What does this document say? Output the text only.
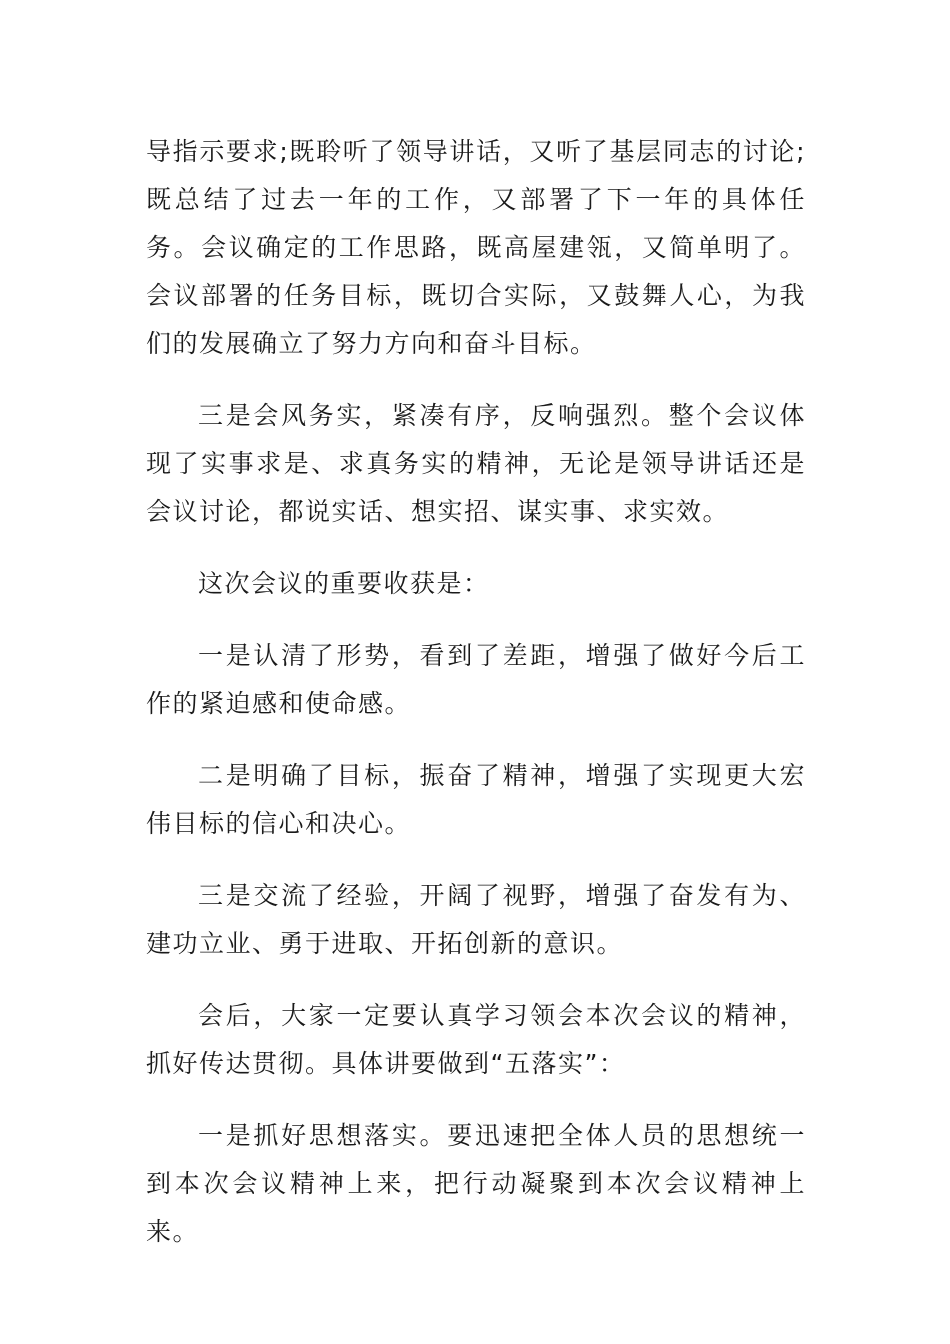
导指示要求;既聆听了领导讲话，又听了基层同志的讨论;既总结了过去一年的工作，又部署了下一年的具体任务。会议确定的工作思路，既高屋建瓴，又简单明了。会议部署的任务目标，既切合实际，又鼓舞人心，为我们的发展确立了努力方向和奋斗目标。

三是会风务实，紧凑有序，反响强烈。整个会议体现了实事求是、求真务实的精神，无论是领导讲话还是会议讨论，都说实话、想实招、谋实事、求实效。

这次会议的重要收获是：

一是认清了形势，看到了差距，增强了做好今后工作的紧迫感和使命感。

二是明确了目标，振奋了精神，增强了实现更大宏伟目标的信心和决心。

三是交流了经验，开阔了视野，增强了奋发有为、建功立业、勇于进取、开拓创新的意识。

会后，大家一定要认真学习领会本次会议的精神，抓好传达贯彻。具体讲要做到“五落实”：

一是抓好思想落实。要迅速把全体人员的思想统一到本次会议精神上来，把行动凝聚到本次会议精神上来。
